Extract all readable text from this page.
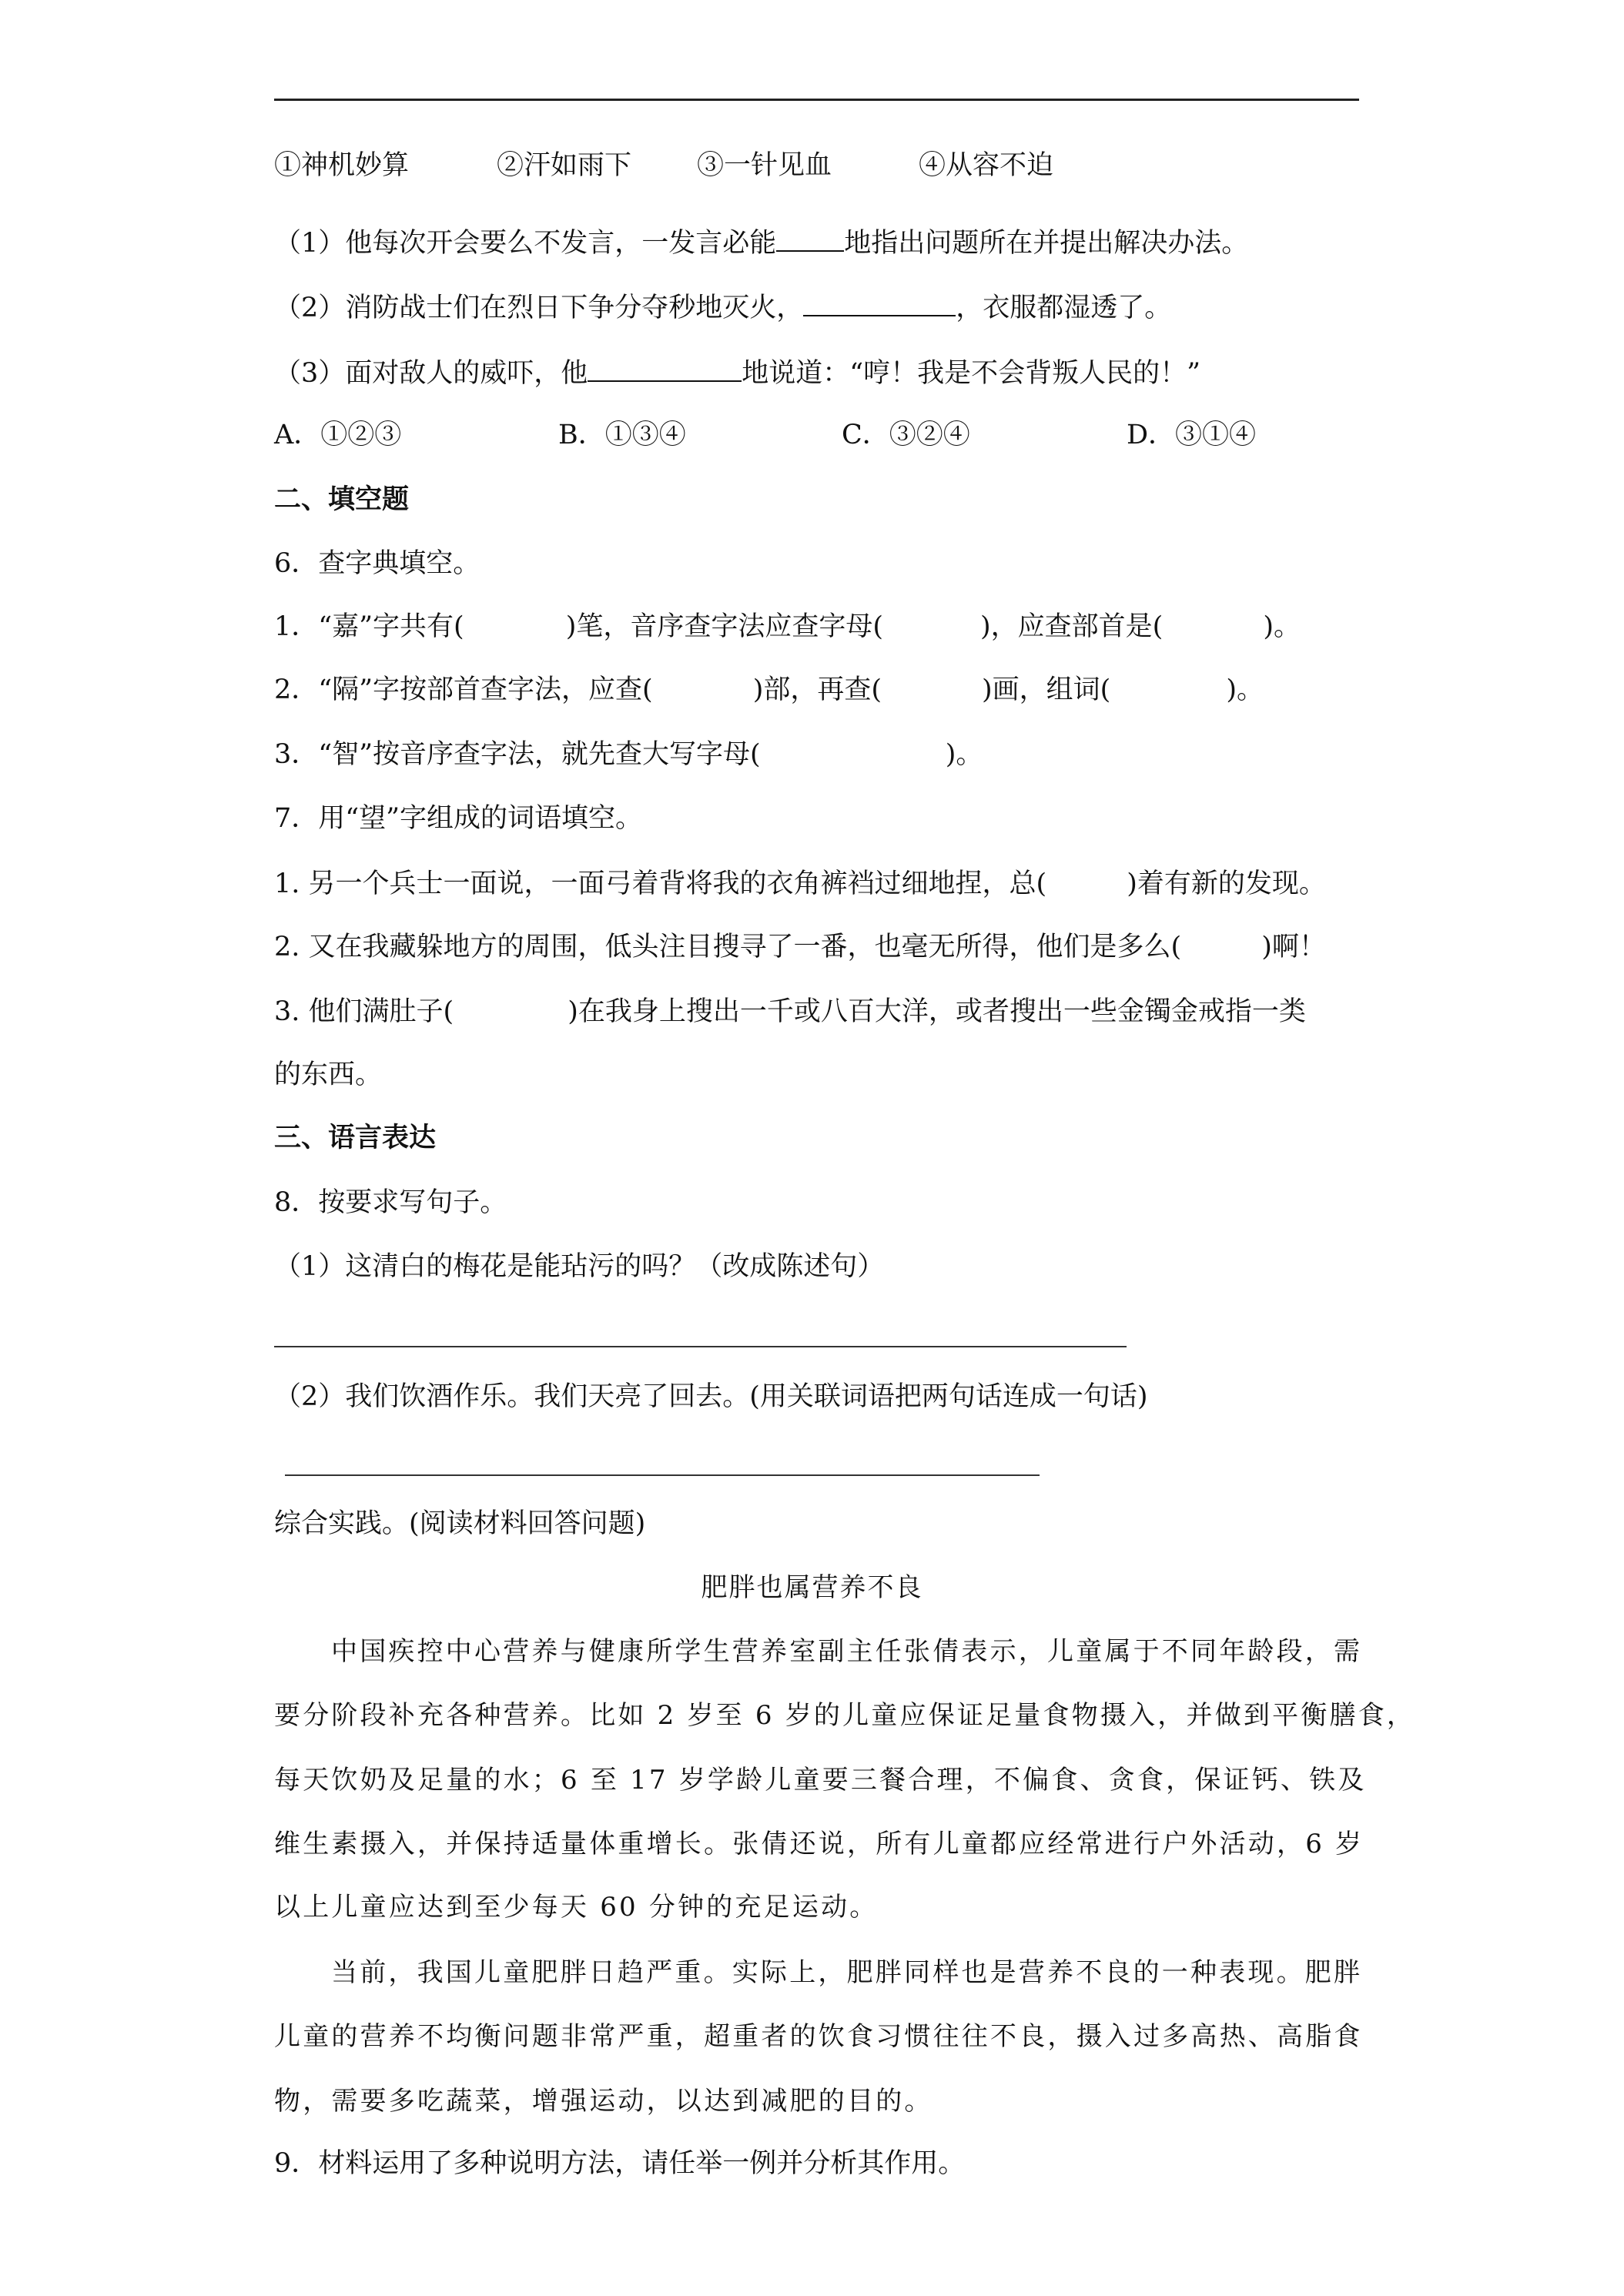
①神机妙算	②汗如雨下 ③一针见血	④从容不迫
（1）他每次开会要么不发言，一发言必能	地指出问题所在并提出解决办法。
（2）消防战士们在烈日下争分夺秒地灭火，	，衣服都湿透了。
（3）面对敌人的威吓，他	地说道：“哼！我是不会背叛人民的！”
A．①②③	B．①③④	C．③②④	D．③①④
二、填空题
6．查字典填空。
1．“嘉”字共有(	)笔，音序查字法应查字母(	)，应查部首是(	)。
2．“隔”字按部首查字法，应查(	)部，再查(	)画，组词(	)。
3．“智”按音序查字法，就先查大写字母(	)。
7．用“望”字组成的词语填空。
1. 另一个兵士一面说，一面弓着背将我的衣角裤裆过细地捏，总(	)着有新的发现。
2. 又在我藏躲地方的周围，低头注目搜寻了一番，也毫无所得，他们是多么(	)啊！
3. 他们满肚子(	)在我身上搜出一千或八百大洋，或者搜出一些金镯金戒指一类
的东西。
三、语言表达
8．按要求写句子。
（1）这清白的梅花是能玷污的吗？（改成陈述句）
（2）我们饮酒作乐。我们天亮了回去。(用关联词语把两句话连成一句话)
综合实践。(阅读材料回答问题)
肥胖也属营养不良
中国疾控中心营养与健康所学生营养室副主任张倩表示，儿童属于不同年龄段，需
要分阶段补充各种营养。比如 2 岁至 6 岁的儿童应保证足量食物摄入，并做到平衡膳食，
每天饮奶及足量的水；6 至 17 岁学龄儿童要三餐合理，不偏食、贪食，保证钙、铁及
维生素摄入，并保持适量体重增长。张倩还说，所有儿童都应经常进行户外活动，6 岁
以上儿童应达到至少每天 60 分钟的充足运动。
当前，我国儿童肥胖日趋严重。实际上，肥胖同样也是营养不良的一种表现。肥胖
儿童的营养不均衡问题非常严重，超重者的饮食习惯往往不良，摄入过多高热、高脂食
物，需要多吃蔬菜，增强运动，以达到减肥的目的。
9．材料运用了多种说明方法，请任举一例并分析其作用。
